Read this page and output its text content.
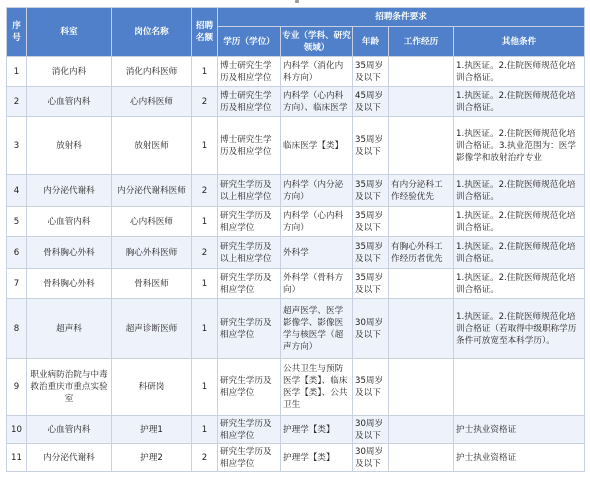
序号	科室	岗位名称	招聘名额	招聘条件要求				
				学历（学位）	专业（学科、研究领域）	年龄	工作经历	其他条件
1	消化内科	消化内科医师	1	博士研究生学历及相应学位	内科学（消化内科方向）	35周岁及以下		1.执医证。2.住院医师规范化培训合格证。
2	心血管内科	心内科医师	2	博士研究生学历及相应学位	内科学（心内科方向）、临床医学	45周岁及以下		1.执医证。2.住院医师规范化培训合格证。
3	放射科	放射医师	1	博士研究生学历及相应学位	临床医学【类】	35周岁及以下		1.执医证。2.住院医师规范化培训合格证。3.执业范围为：医学影像学和放射治疗专业
4	内分泌代谢科	内分泌代谢科医师	2	研究生学历及以上相应学位	内科学（内分泌方向）	35周岁及以下	有内分泌科工作经验优先	1.执医证。2.住院医师规范化培训合格证。
5	心血管内科	心内科医师	1	研究生学历及相应学位	内科学（心内科方向）	35周岁及以下		1.执医证。2.住院医师规范化培训合格证。
6	骨科胸心外科	胸心外科医师	2	研究生学历及以上相应学位	外科学	35周岁及以下	有胸心外科工作经历者优先	1.执医证。2.住院医师规范化培训合格证。
7	骨科胸心外科	骨科医师	1	研究生学历及相应学位	外科学（骨科方向）	35周岁及以下		1.执医证。2.住院医师规范化培训合格证。
8	超声科	超声诊断医师	1	研究生学历及相应学位	超声医学、医学影像学、影像医学与核医学（超声方向）	30周岁及以下		1.执医证。2.住院医师规范化培训合格证（若取得中级职称学历条件可放宽至本科学历）。
9	职业病防治院与中毒救治重庆市重点实验室	科研岗	1	研究生学历及相应学位	公共卫生与预防医学【类】、临床医学【类】、公共卫生	35周岁及以下		
10	心血管内科	护理1	1	研究生学历及相应学位	护理学【类】	30周岁及以下		护士执业资格证
11	内分泌代谢科	护理2	2	研究生学历及相应学位	护理学【类】	30周岁及以下		护士执业资格证
